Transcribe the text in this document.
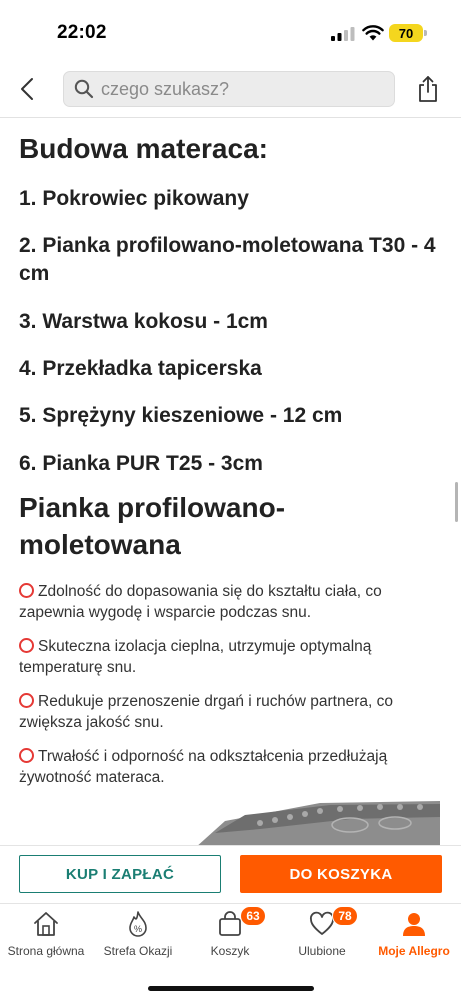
22:02	70
czego szukasz?
Budowa materaca:
1. Pokrowiec pikowany
2. Pianka profilowano-moletowana T30 - 4 cm
3. Warstwa kokosu - 1cm
4. Przekładka tapicerska
5. Sprężyny kieszeniowe - 12 cm
6. Pianka PUR T25 - 3cm
Pianka profilowano-moletowana
Zdolność do dopasowania się do kształtu ciała, co zapewnia wygodę i wsparcie podczas snu.
Skuteczna izolacja cieplna, utrzymuje optymalną temperaturę snu.
Redukuje przenoszenie drgań i ruchów partnera, co zwiększa jakość snu.
Trwałość i odporność na odkształcenia przedłużają żywotność materaca.
KUP I ZAPŁAĆ	DO KOSZYKA
Strona główna
%
Strefa Okazji
63
Koszyk
78
Ulubione	Moje Allegro
